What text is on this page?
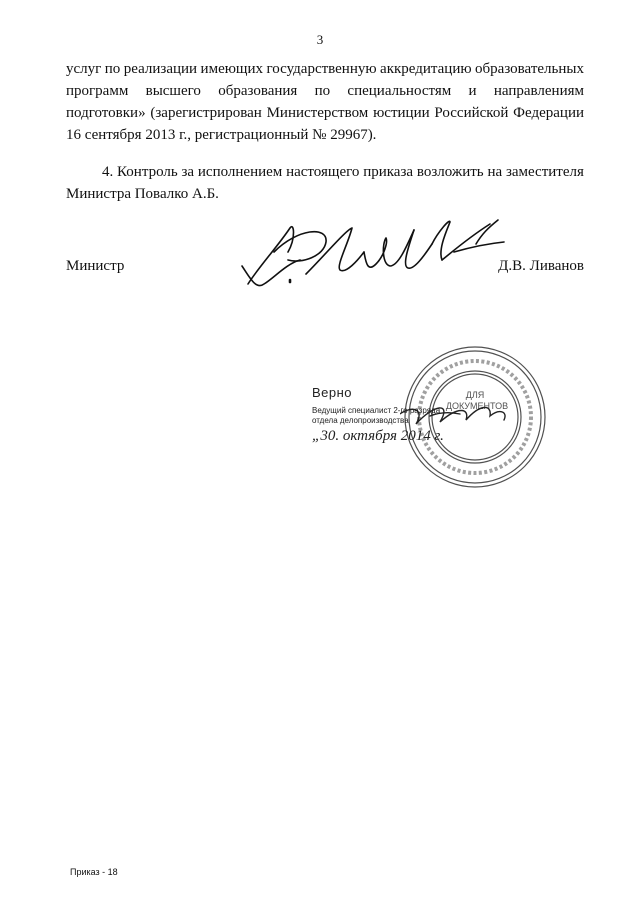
3
услуг по реализации имеющих государственную аккредитацию образовательных
программ высшего образования по специальностям и направлениям
подготовки» (зарегистрирован Министерством юстиции Российской Федерации
16 сентября 2013 г., регистрационный № 29967).
4. Контроль за исполнением настоящего приказа возложить на заместителя
Министра Повалко А.Б.
Министр	Д.В. Ливанов
ДЛЯ
ДОКУМЕНТОВ
Верно
Ведущий специалист 2-го разряда
отдела делопроизводства
„30. октября 2014 г.
Приказ - 18
